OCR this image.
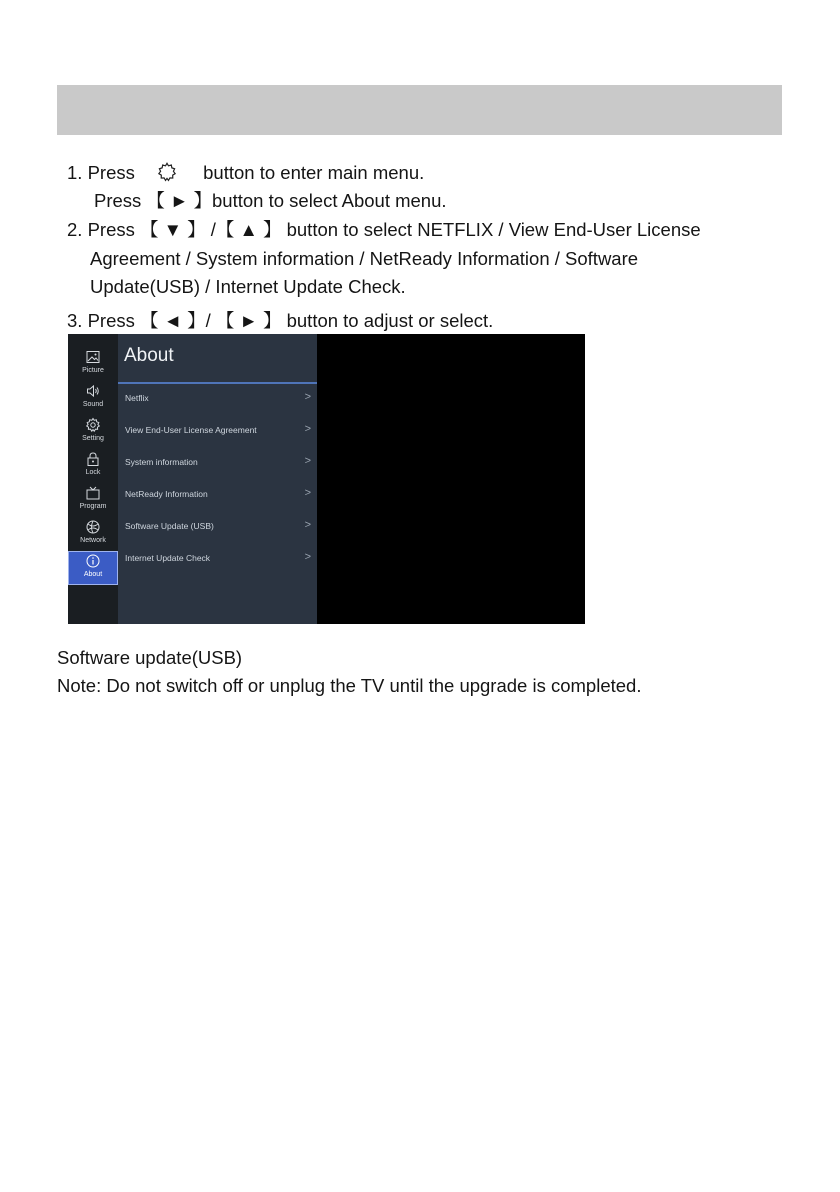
1. Press	button to enter main menu.
Press 【 ► 】button to select About menu.
2. Press 【 ▼ 】 /【 ▲ 】 button to select NETFLIX / View End-User License
Agreement / System information / NetReady Information / Software
Update(USB) / Internet Update Check.
3. Press 【 ◄ 】/ 【 ► 】 button to adjust or select.
Picture
Sound
Setting
Lock
Program
Network
About
About
Netflix	>
View End-User License Agreement	>
System information	>
NetReady Information	>
Software Update (USB)	>
Internet Update Check	>
Software update(USB)
Note: Do not switch off or unplug the TV until the upgrade is completed.
